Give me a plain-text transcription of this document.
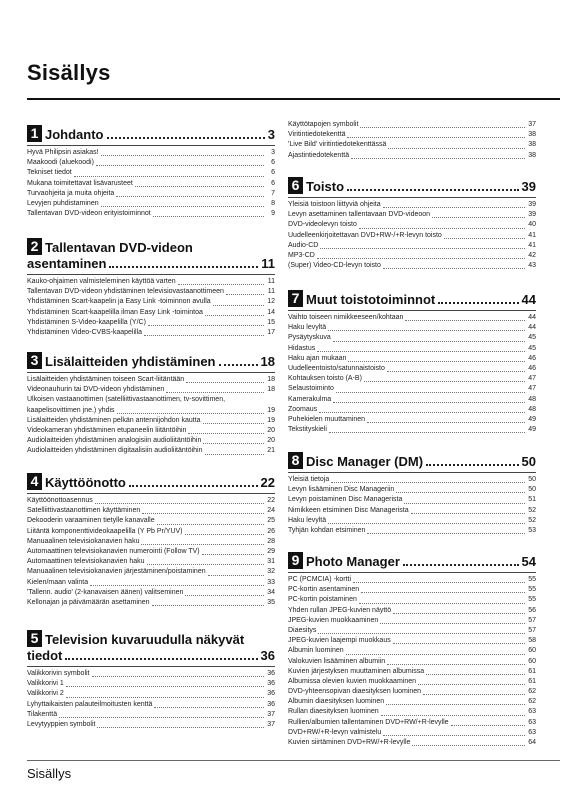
Sisällys
1 Johdanto	3
Hyvä Philipsin asiakas!	3
Maakoodi (aluekoodi)	6
Tekniset tiedot	6
Mukana toimitettavat lisävarusteet	6
Turvaohjeita ja muita ohjeita	7
Levyjen puhdistaminen	8
Tallentavan DVD-videon erityistoiminnot	9
2 Tallentavan DVD-videon
asentaminen	11
Kauko-ohjaimen valmisteleminen käyttöä varten	11
Tallentavan DVD-videon yhdistäminen televisiovastaanottimeen	11
Yhdistäminen Scart-kaapelin ja Easy Link -toiminnon avulla	12
Yhdistäminen Scart-kaapelilla ilman Easy Link -toimintoa	14
Yhdistäminen S-Video-kaapelilla (Y/C)	15
Yhdistäminen Video-CVBS-kaapelilla	17
3 Lisälaitteiden yhdistäminen	18
Lisälaitteiden yhdistäminen toiseen Scart-liitäntään	18
Videonauhurin tai DVD-videon yhdistäminen	18
Ulkoisen vastaanottimen (satelliittivastaanottimen, tv-sovittimen,
kaapelisovittimen jne.) yhdis	19
Lisälaitteiden yhdistäminen pelkän antennijohdon kautta	19
Videokameran yhdistäminen etupaneelin liitäntöihin	20
Audiolaitteiden yhdistäminen analogisiin audioliitäntöihin	20
Audiolaitteiden yhdistäminen digitaalisiin audioliitäntöihin	21
4 Käyttöönotto	22
Käyttöönottoasennus	22
Satelliittivastaanottimen käyttäminen	24
Dekooderin varaaminen tietylle kanavalle	25
Liitäntä komponenttivideokaapelilla (Y Pb Pr/YUV)	26
Manuaalinen televisiokanavien haku	28
Automaattinen televisiokanavien numerointi (Follow TV)	29
Automaattinen televisiokanavien haku	31
Manuaalinen televisiokanavien järjestäminen/poistaminen	32
Kielen/maan valinta	33
'Tallenn. audio' (2-kanavaisen äänen) valitseminen	34
Kellonajan ja päivämäärän asettaminen	35
5 Television kuvaruudulla näkyvät
tiedot	36
Valikkorivin symbolit	36
Valikkorivi 1	36
Valikkorivi 2	36
Lyhyttaikaisten palauteilmoitusten kenttä	36
Tilakenttä	37
Levytyyppien symbolit	37
Käyttötapojen symbolit	37
Viritintiedotekenttä	38
'Live Bild' viritintiedotekenttässä	38
Ajastintiedotekenttä	38
6 Toisto	39
Yleisiä toistoon liittyviä ohjeita	39
Levyn asettaminen tallentavaan DVD-videoon	39
DVD-videolevyn toisto	40
Uudelleenkirjoitettavan DVD+RW-/+R-levyn toisto	41
Audio-CD	41
MP3-CD	42
(Super) Video-CD-levyn toisto	43
7 Muut toistotoiminnot	44
Vaihto toiseen nimikkeeseen/kohtaan	44
Haku levyltä	44
Pysäytyskuva	45
Hidastus	45
Haku ajan mukaan	46
Uudelleentoisto/satunnaistoisto	46
Kohtauksen toisto (A-B)	47
Selaustoiminto	47
Kamerakulma	48
Zoomaus	48
Puhekielen muuttaminen	49
Tekstityskieli	49
8 Disc Manager (DM)	50
Yleisiä tietoja	50
Levyn lisääminen Disc Manageriin	50
Levyn poistaminen Disc Managerista	51
Nimikkeen etsiminen Disc Managerista	52
Haku levyltä	52
Tyhjän kohdan etsiminen	53
9 Photo Manager	54
PC (PCMCIA) -kortti	55
PC-kortin asentaminen	55
PC-kortin poistaminen	55
Yhden rullan JPEG-kuvien näyttö	56
JPEG-kuvien muokkaaminen	57
Diaesitys	57
JPEG-kuvien laajempi muokkaus	58
Albumin luominen	60
Valokuvien lisääminen albumiin	60
Kuvien järjestyksen muuttaminen albumissa	61
Albumissa olevien kuvien muokkaaminen	61
DVD-yhteensopivan diaesityksen luominen	62
Albumin diaesityksen luominen	62
Rullan diaesityksen luominen	63
Rullien/albumien tallentaminen DVD+RW/+R-levylle	63
DVD+RW/+R-levyn valmistelu	63
Kuvien siirtäminen DVD+RW/+R-levylle	64
Sisällys
